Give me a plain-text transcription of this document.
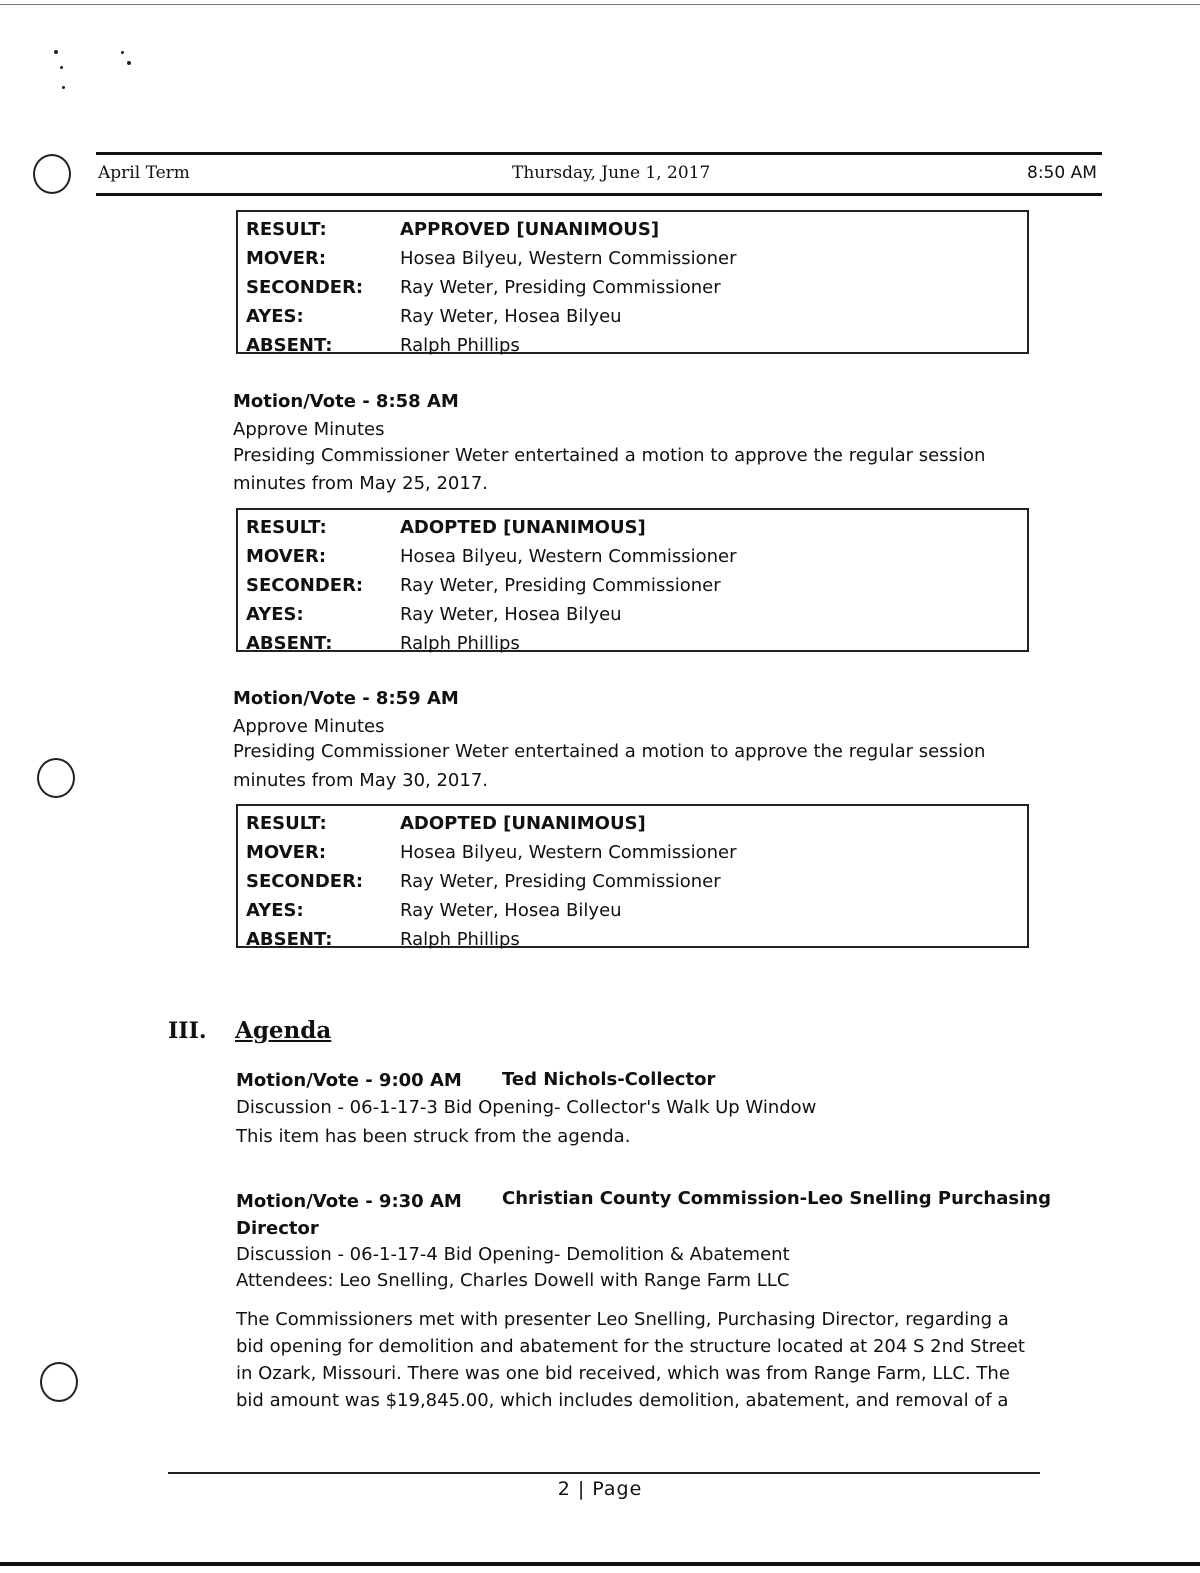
April Term	Thursday, June 1, 2017	8:50 AM
RESULT:	APPROVED [UNANIMOUS]
MOVER:	Hosea Bilyeu, Western Commissioner
SECONDER:	Ray Weter, Presiding Commissioner
AYES:	Ray Weter, Hosea Bilyeu
ABSENT:	Ralph Phillips
Motion/Vote - 8:58 AM
Approve Minutes
Presiding Commissioner Weter entertained a motion to approve the regular session
minutes from May 25, 2017.
RESULT:	ADOPTED [UNANIMOUS]
MOVER:	Hosea Bilyeu, Western Commissioner
SECONDER:	Ray Weter, Presiding Commissioner
AYES:	Ray Weter, Hosea Bilyeu
ABSENT:	Ralph Phillips
Motion/Vote - 8:59 AM
Approve Minutes
Presiding Commissioner Weter entertained a motion to approve the regular session
minutes from May 30, 2017.
RESULT:	ADOPTED [UNANIMOUS]
MOVER:	Hosea Bilyeu, Western Commissioner
SECONDER:	Ray Weter, Presiding Commissioner
AYES:	Ray Weter, Hosea Bilyeu
ABSENT:	Ralph Phillips
III. Agenda
Motion/Vote - 9:00 AM Ted Nichols-Collector
Discussion - 06-1-17-3 Bid Opening- Collector's Walk Up Window
This item has been struck from the agenda.
Motion/Vote - 9:30 AM Christian County Commission-Leo Snelling Purchasing
Director
Discussion - 06-1-17-4 Bid Opening- Demolition & Abatement
Attendees: Leo Snelling, Charles Dowell with Range Farm LLC
The Commissioners met with presenter Leo Snelling, Purchasing Director, regarding a
bid opening for demolition and abatement for the structure located at 204 S 2nd Street
in Ozark, Missouri. There was one bid received, which was from Range Farm, LLC. The
bid amount was $19,845.00, which includes demolition, abatement, and removal of a
2 | Page
